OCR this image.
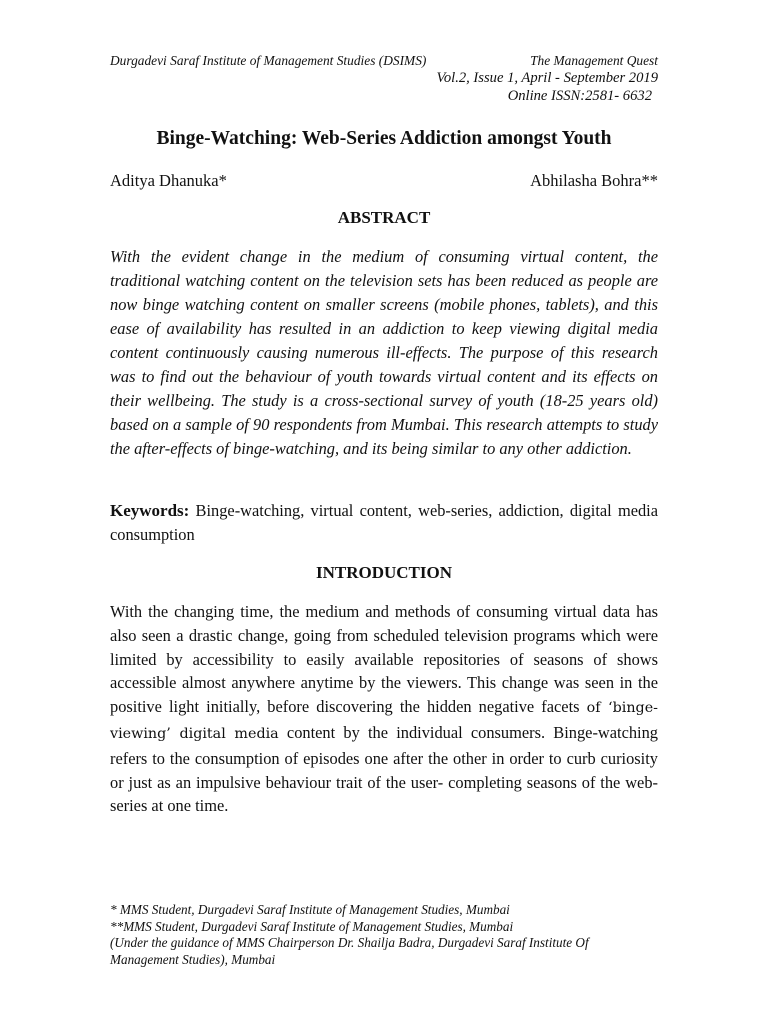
Durgadevi Saraf Institute of Management Studies (DSIMS)	The Management Quest
Vol.2, Issue 1, April - September 2019
Online ISSN:2581- 6632
Binge-Watching: Web-Series Addiction amongst Youth
Aditya Dhanuka*	Abhilasha Bohra**
ABSTRACT
With the evident change in the medium of consuming virtual content, the traditional watching content on the television sets has been reduced as people are now binge watching content on smaller screens (mobile phones, tablets), and this ease of availability has resulted in an addiction to keep viewing digital media content continuously causing numerous ill-effects. The purpose of this research was to find out the behaviour of youth towards virtual content and its effects on their wellbeing. The study is a cross-sectional survey of youth (18-25 years old) based on a sample of 90 respondents from Mumbai. This research attempts to study the after-effects of binge-watching, and its being similar to any other addiction.
Keywords: Binge-watching, virtual content, web-series, addiction, digital media consumption
INTRODUCTION
With the changing time, the medium and methods of consuming virtual data has also seen a drastic change, going from scheduled television programs which were limited by accessibility to easily available repositories of seasons of shows accessible almost anywhere anytime by the viewers. This change was seen in the positive light initially, before discovering the hidden negative facets of ‘binge-viewing’ digital media content by the individual consumers. Binge-watching refers to the consumption of episodes one after the other in order to curb curiosity or just as an impulsive behaviour trait of the user- completing seasons of the web-series at one time.
* MMS Student, Durgadevi Saraf Institute of Management Studies, Mumbai
**MMS Student, Durgadevi Saraf Institute of Management Studies, Mumbai
(Under the guidance of MMS Chairperson Dr. Shailja Badra, Durgadevi Saraf Institute Of Management Studies), Mumbai
